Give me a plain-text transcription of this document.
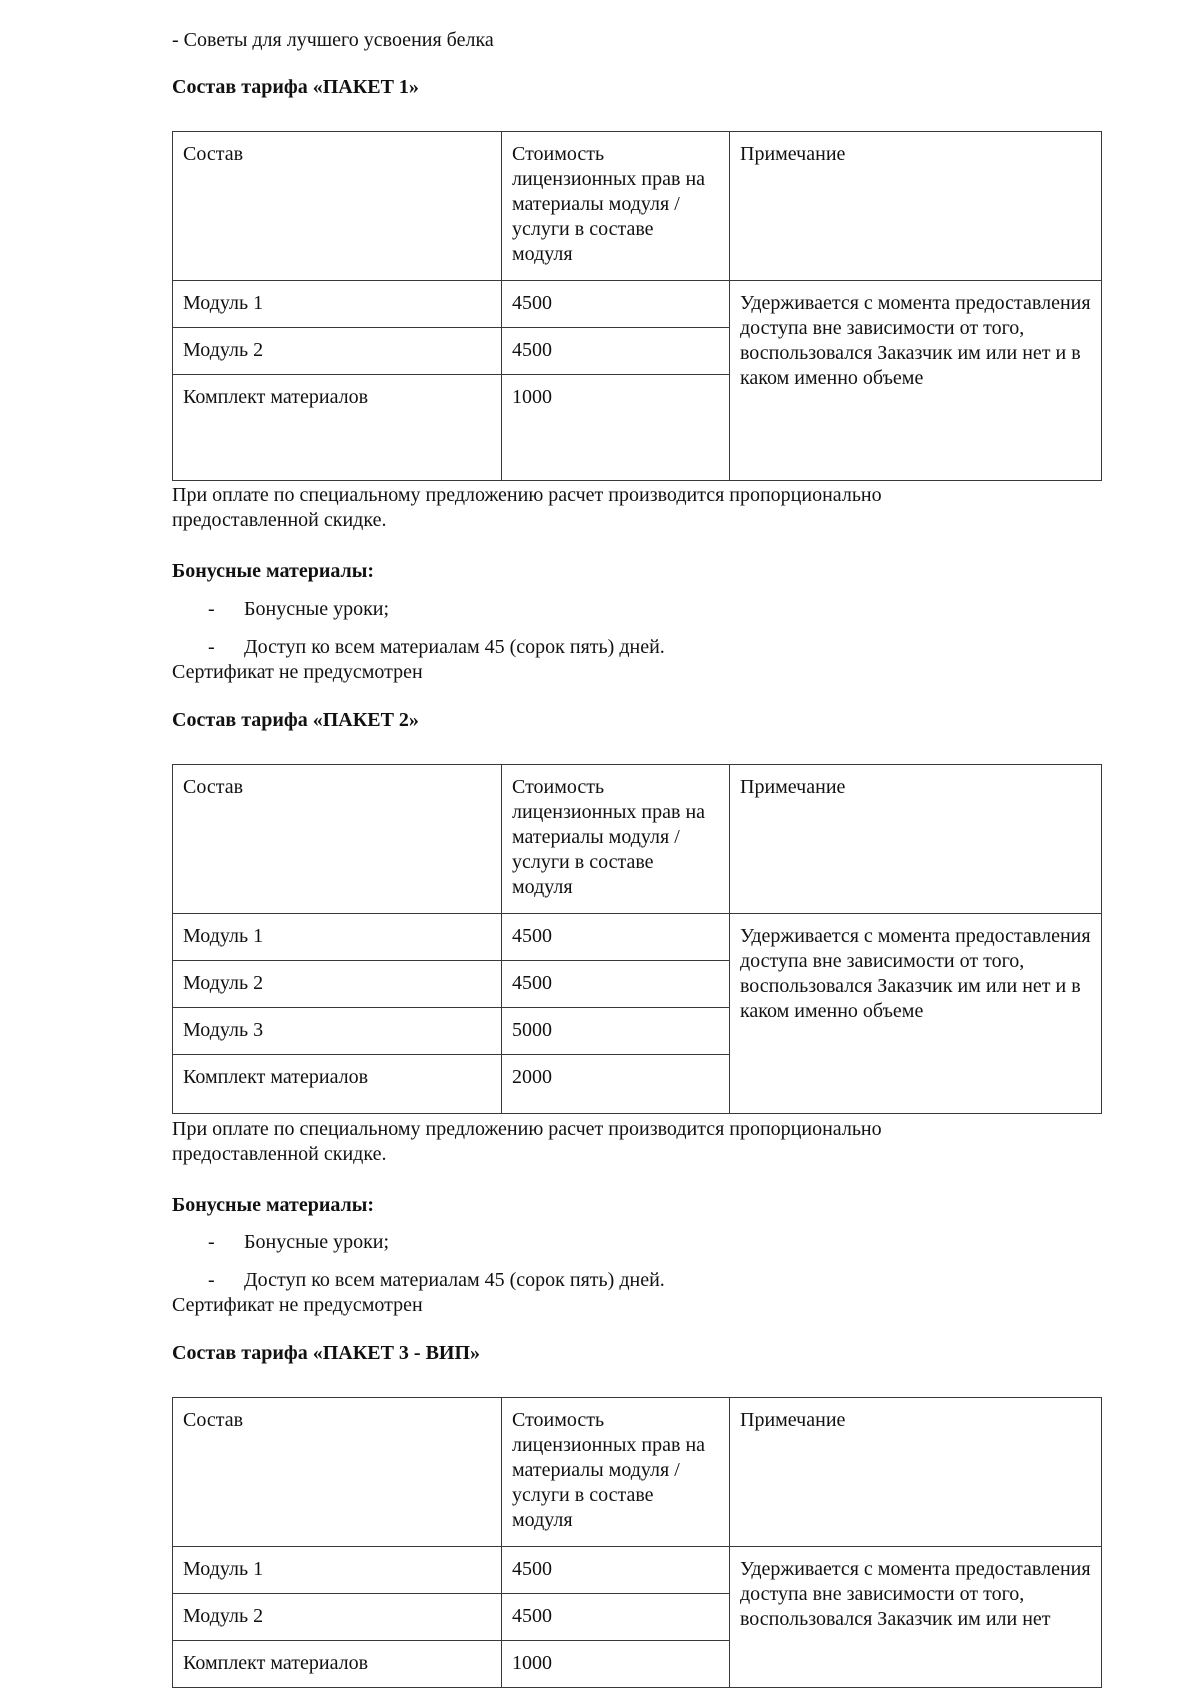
- Советы для лучшего усвоения белка
Состав тарифа «ПАКЕТ 1»
Состав	Стоимость лицензионных прав на материалы модуля / услуги в составе модуля	Примечание
Модуль 1	4500	Удерживается с момента предоставления доступа вне зависимости от того, воспользовался Заказчик им или нет и в каком именно объеме
Модуль 2	4500	
Комплект материалов	1000	
При оплате по специальному предложению расчет производится пропорционально предоставленной скидке.
Бонусные материалы:
- Бонусные уроки;
- Доступ ко всем материалам 45 (сорок пять) дней.
Сертификат не предусмотрен
Состав тарифа «ПАКЕТ 2»
Состав	Стоимость лицензионных прав на материалы модуля / услуги в составе модуля	Примечание
Модуль 1	4500	Удерживается с момента предоставления доступа вне зависимости от того, воспользовался Заказчик им или нет и в каком именно объеме
Модуль 2	4500	
Модуль 3	5000	
Комплект материалов	2000	
При оплате по специальному предложению расчет производится пропорционально предоставленной скидке.
Бонусные материалы:
- Бонусные уроки;
- Доступ ко всем материалам 45 (сорок пять) дней.
Сертификат не предусмотрен
Состав тарифа «ПАКЕТ 3 - ВИП»
Состав	Стоимость лицензионных прав на материалы модуля / услуги в составе модуля	Примечание
Модуль 1	4500	Удерживается с момента предоставления доступа вне зависимости от того, воспользовался Заказчик им или нет
Модуль 2	4500	
Комплект материалов	1000	
